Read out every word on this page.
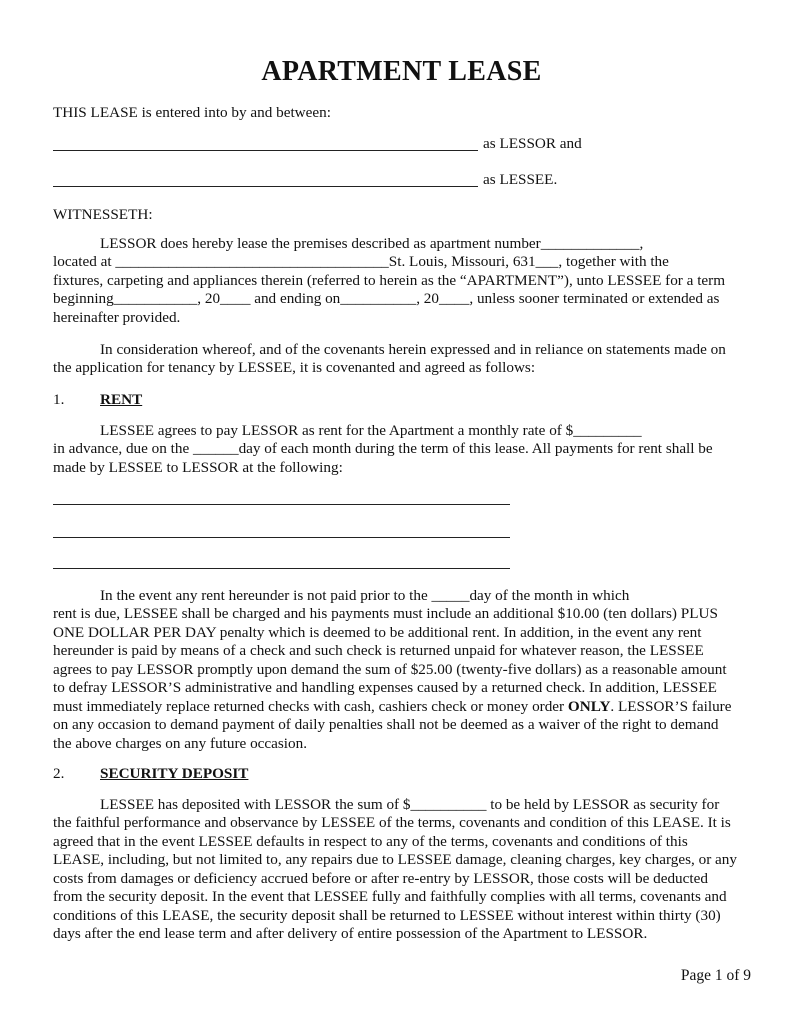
APARTMENT LEASE
THIS LEASE is entered into by and between:
as LESSOR and
as LESSEE.
WITNESSETH:
LESSOR does hereby lease the premises described as apartment number_____________,
located at ____________________________________St. Louis, Missouri, 631___, together with the
fixtures, carpeting and appliances therein (referred to herein as the “APARTMENT”), unto LESSEE for a term
beginning___________, 20____ and ending on__________, 20____, unless sooner terminated or extended as
hereinafter provided.
In consideration whereof, and of the covenants herein expressed and in reliance on statements made on
the application for tenancy by LESSEE, it is covenanted and agreed as follows:
1. RENT
LESSEE agrees to pay LESSOR as rent for the Apartment a monthly rate of $_________
in advance, due on the ______day of each month during the term of this lease. All payments for rent shall be
made by LESSEE to LESSOR at the following:
In the event any rent hereunder is not paid prior to the _____day of the month in which
rent is due, LESSEE shall be charged and his payments must include an additional $10.00 (ten dollars) PLUS
ONE DOLLAR PER DAY penalty which is deemed to be additional rent. In addition, in the event any rent
hereunder is paid by means of a check and such check is returned unpaid for whatever reason, the LESSEE
agrees to pay LESSOR promptly upon demand the sum of $25.00 (twenty-five dollars) as a reasonable amount
to defray LESSOR’S administrative and handling expenses caused by a returned check. In addition, LESSEE
must immediately replace returned checks with cash, cashiers check or money order ONLY. LESSOR’S failure
on any occasion to demand payment of daily penalties shall not be deemed as a waiver of the right to demand
the above charges on any future occasion.
2. SECURITY DEPOSIT
LESSEE has deposited with LESSOR the sum of $__________ to be held by LESSOR as security for
the faithful performance and observance by LESSEE of the terms, covenants and condition of this LEASE. It is
agreed that in the event LESSEE defaults in respect to any of the terms, covenants and conditions of this
LEASE, including, but not limited to, any repairs due to LESSEE damage, cleaning charges, key charges, or any
costs from damages or deficiency accrued before or after re-entry by LESSOR, those costs will be deducted
from the security deposit. In the event that LESSEE fully and faithfully complies with all terms, covenants and
conditions of this LEASE, the security deposit shall be returned to LESSEE without interest within thirty (30)
days after the end lease term and after delivery of entire possession of the Apartment to LESSOR.
Page 1 of 9
